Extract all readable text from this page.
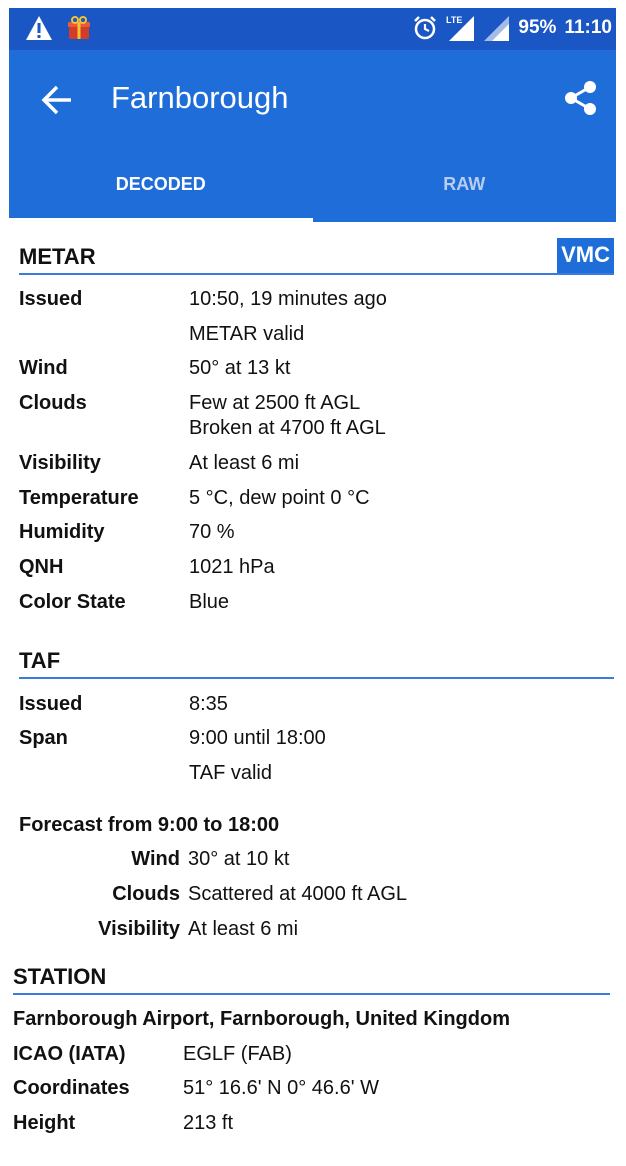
LTE	95% 11:10
Farnborough
DECODED	RAW
METAR	VMC
Issued	10:50, 19 minutes ago
METAR valid
Wind	50° at 13 kt
Clouds	Few at 2500 ft AGL
Broken at 4700 ft AGL
Visibility	At least 6 mi
Temperature	5 °C, dew point 0 °C
Humidity	70 %
QNH	1021 hPa
Color State	Blue
TAF
Issued	8:35
Span	9:00 until 18:00
TAF valid
Forecast from 9:00 to 18:00
Wind 30° at 10 kt
Clouds Scattered at 4000 ft AGL
Visibility At least 6 mi
STATION
Farnborough Airport, Farnborough, United Kingdom
ICAO (IATA)	EGLF (FAB)
Coordinates	51° 16.6' N 0° 46.6' W
Height	213 ft
